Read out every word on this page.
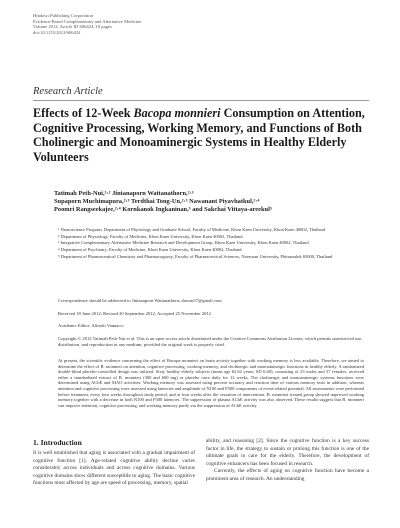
Hindawi Publishing Corporation
Evidence-Based Complementary and Alternative Medicine
Volume 2012, Article ID 606424, 10 pages
doi:10.1155/2012/606424
Research Article
Effects of 12-Week Bacopa monnieri Consumption on Attention, Cognitive Processing, Working Memory, and Functions of Both Cholinergic and Monoaminergic Systems in Healthy Elderly Volunteers
Tatimah Peth-Nui,¹·² Jintanaporn Wattanathorn,²·³
Supaporn Muchimapura,²·³ Terdthai Tong-Un,²·³ Nawanant Piyavhatkul,²·⁴
Poomri Rangseekajee,²·⁴ Kornkanok Ingkaninan,⁵ and Sakchai Vittaya-areekul⁵
¹ Neuroscience Program, Department of Physiology and Graduate School, Faculty of Medicine, Khon Kaen University, Khon Kaen 40002, Thailand
² Department of Physiology, Faculty of Medicine, Khon Kaen University, Khon Kaen 40002, Thailand
³ Integrative Complementary Alternative Medicine Research and Development Group, Khon Kaen University, Khon Kaen 40002, Thailand
⁴ Department of Psychiatry, Faculty of Medicine, Khon Kaen University, Khon Kaen 40002, Thailand
⁵ Department of Pharmaceutical Chemistry and Pharmacognosy, Faculty of Pharmaceutical Sciences, Naresuan University, Phitsanulok 65000, Thailand
Correspondence should be addressed to Jintanaporn Wattanathorn; dawan57@gmail.com
Received 18 June 2012; Revised 20 September 2012; Accepted 25 November 2012
Academic Editor: Alfredo Vannacci
Copyright © 2012 Tatimah Peth-Nui et al. This is an open access article distributed under the Creative Commons Attribution License, which permits unrestricted use, distribution, and reproduction in any medium, provided the original work is properly cited.
At present, the scientific evidence concerning the effect of Bacopa monnieri on brain activity together with working memory is less available. Therefore, we aimed to determine the effect of B. monnieri on attention, cognitive processing, working memory, and cholinergic and monoaminergic functions in healthy elderly. A randomized double-blind placebo-controlled design was utilized. Sixty healthy elderly subjects (mean age 62.62 years; SD 6.60), consisting of 23 males and 37 females, received either a standardized extract of B. monnieri (300 and 600 mg) or placebo once daily for 12 weeks. The cholinergic and monoaminergic systems functions were determined using AChE and MAO activities. Working memory was assessed using percent accuracy and reaction time of various memory tests in addition, whereas attention and cognitive processing were assessed using latencies and amplitude of N100 and P300 components of event-related potential. All assessments were performed before treatment, every four weeks throughout study period, and at four weeks after the cessation of intervention. B. monnieri treated group showed improved working memory together with a decrease in both N100 and P300 latencies. The suppression of plasma AChE activity was also observed. These results suggest that B. monnieri can improve attention, cognitive processing, and working memory partly via the suppression of AChE activity.
1. Introduction

It is well established that aging is associated with a gradual impairment of cognitive function [1]. Age-related cognitive ability decline varies considerably across individuals and across cognitive domains. Various cognitive domains show different susceptible to aging. The basic cognitive functions most affected by age are speed of processing, memory, spatial

ability, and reasoning [2]. Since the cognitive function is a key success factor in life, the strategy to sustain or prolong this function is one of the ultimate goals in care for the elderly. Therefore, the development of cognitive enhancers has been focused in research.

Currently, the effects of aging on cognitive function have become a prominent area of research. An understanding
